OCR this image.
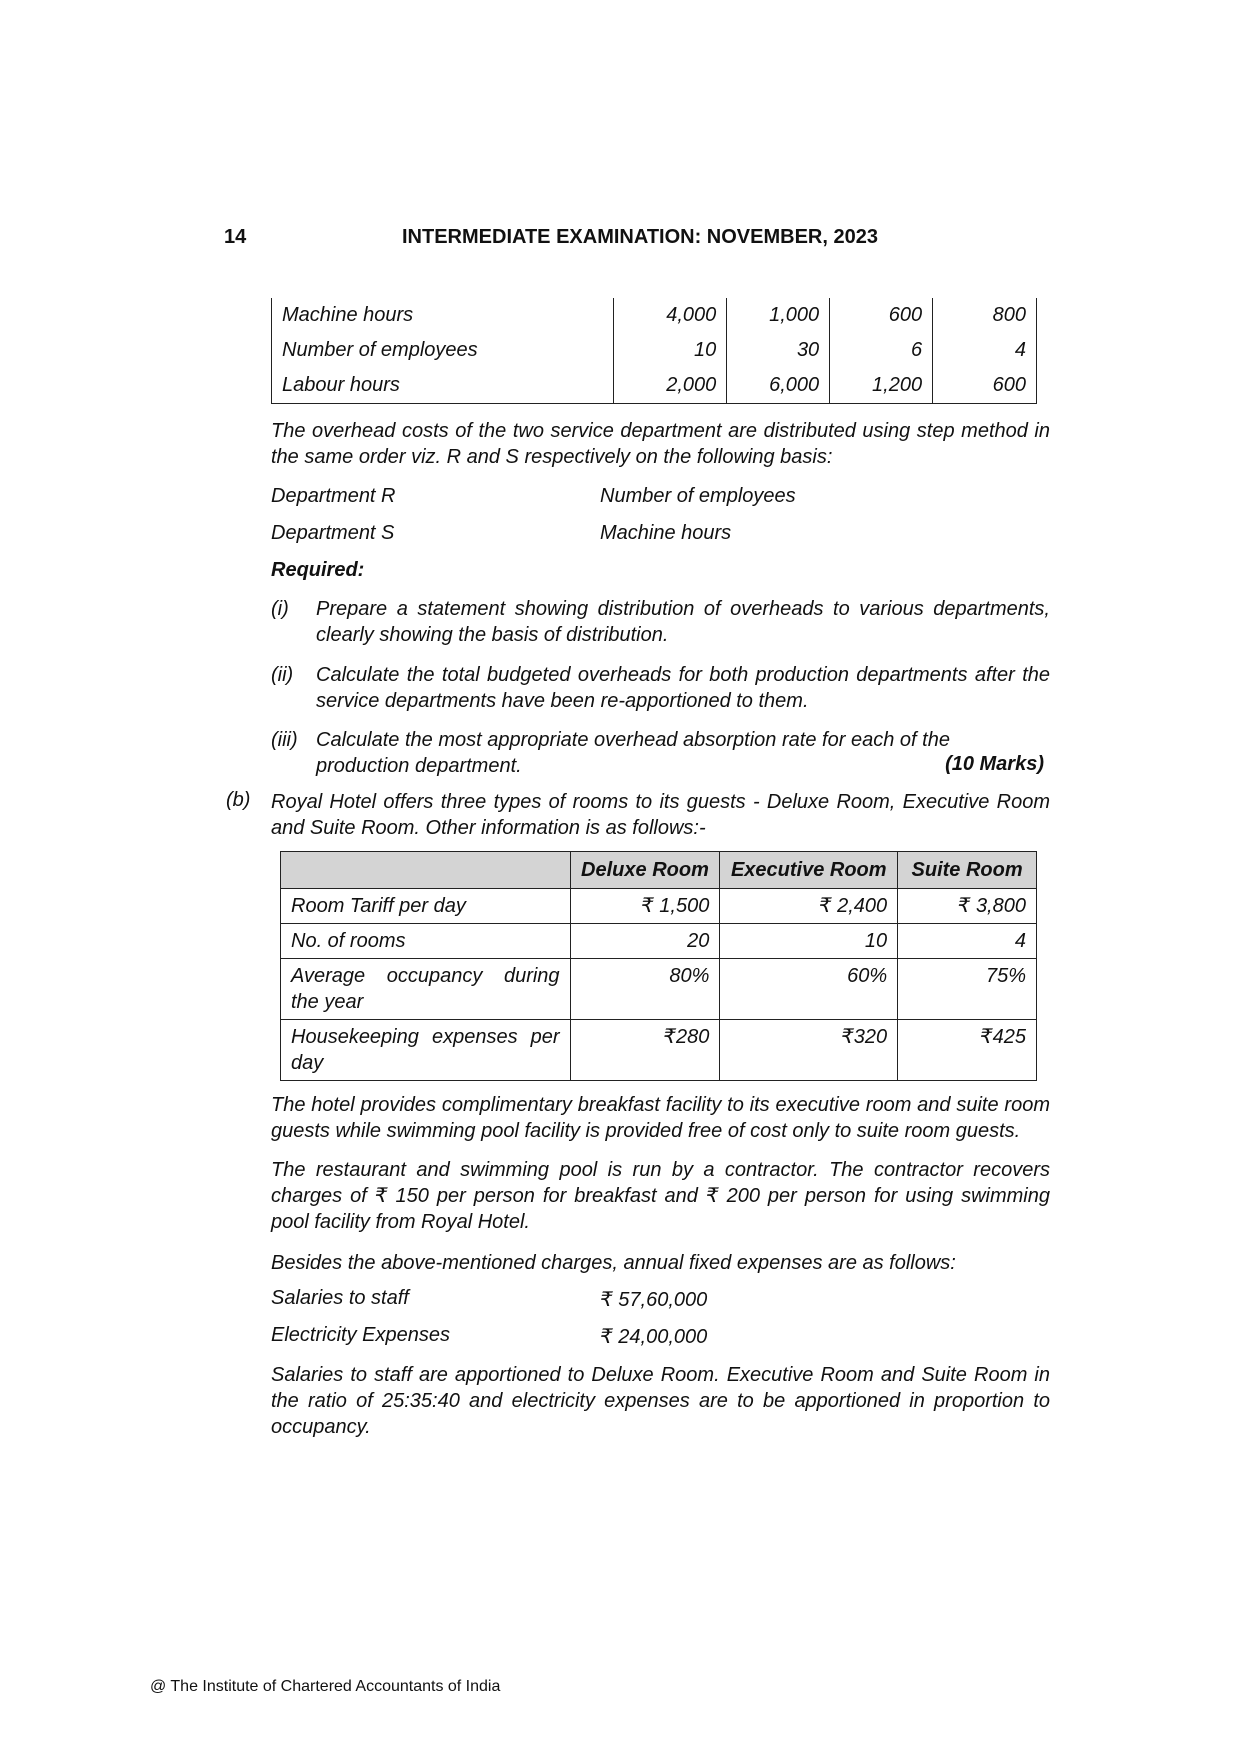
14	INTERMEDIATE EXAMINATION: NOVEMBER, 2023
Machine hours	4,000	1,000	600	800
Number of employees	10	30	6	4
Labour hours	2,000	6,000	1,200	600
The overhead costs of the two service department are distributed using step method in the same order viz. R and S respectively on the following basis:
Department R	Number of employees
Department S	Machine hours
Required:
(i) Prepare a statement showing distribution of overheads to various departments, clearly showing the basis of distribution.
(ii) Calculate the total budgeted overheads for both production departments after the service departments have been re-apportioned to them.
(iii) Calculate the most appropriate overhead absorption rate for each of the production department.	(10 Marks)
(b) Royal Hotel offers three types of rooms to its guests - Deluxe Room, Executive Room and Suite Room. Other information is as follows:-
	Deluxe Room	Executive Room	Suite Room
Room Tariff per day	₹ 1,500	₹ 2,400	₹ 3,800
No. of rooms	20	10	4
Average occupancy during the year	80%	60%	75%
Housekeeping expenses per day	₹280	₹320	₹425
The hotel provides complimentary breakfast facility to its executive room and suite room guests while swimming pool facility is provided free of cost only to suite room guests.
The restaurant and swimming pool is run by a contractor. The contractor recovers charges of ₹ 150 per person for breakfast and ₹ 200 per person for using swimming pool facility from Royal Hotel.
Besides the above-mentioned charges, annual fixed expenses are as follows:
Salaries to staff	₹ 57,60,000
Electricity Expenses	₹ 24,00,000
Salaries to staff are apportioned to Deluxe Room. Executive Room and Suite Room in the ratio of 25:35:40 and electricity expenses are to be apportioned in proportion to occupancy.
@ The Institute of Chartered Accountants of India
